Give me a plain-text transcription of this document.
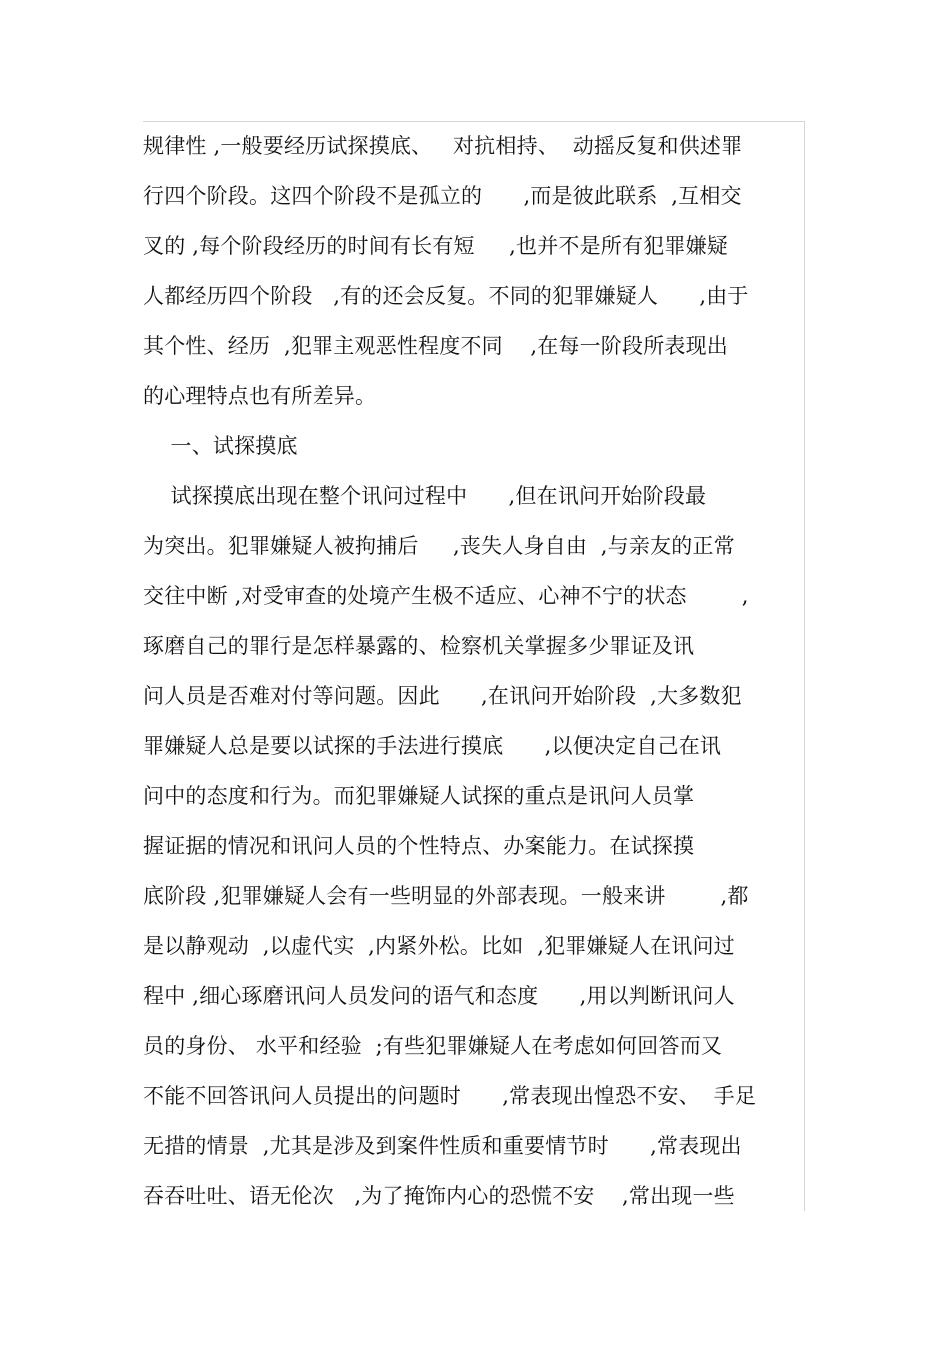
规律性 ,一般要经历试探摸底、   对抗相持、  动摇反复和供述罪
行四个阶段。这四个阶段不是孤立的      ,而是彼此联系  ,互相交
叉的 ,每个阶段经历的时间有长有短     ,也并不是所有犯罪嫌疑
人都经历四个阶段   ,有的还会反复。不同的犯罪嫌疑人      ,由于
其个性、经历  ,犯罪主观恶性程度不同    ,在每一阶段所表现出
的心理特点也有所差异。
一、试探摸底
试探摸底出现在整个讯问过程中      ,但在讯问开始阶段最
为突出。犯罪嫌疑人被拘捕后     ,丧失人身自由  ,与亲友的正常
交往中断 ,对受审查的处境产生极不适应、心神不宁的状态        ,
琢磨自己的罪行是怎样暴露的、检察机关掌握多少罪证及讯
问人员是否难对付等问题。因此      ,在讯问开始阶段  ,大多数犯
罪嫌疑人总是要以试探的手法进行摸底      ,以便决定自己在讯
问中的态度和行为。而犯罪嫌疑人试探的重点是讯问人员掌
握证据的情况和讯问人员的个性特点、办案能力。在试探摸
底阶段 ,犯罪嫌疑人会有一些明显的外部表现。一般来讲        ,都
是以静观动  ,以虚代实  ,内紧外松。比如  ,犯罪嫌疑人在讯问过
程中 ,细心琢磨讯问人员发问的语气和态度      ,用以判断讯问人
员的身份、 水平和经验  ;有些犯罪嫌疑人在考虑如何回答而又
不能不回答讯问人员提出的问题时      ,常表现出惶恐不安、  手足
无措的情景  ,尤其是涉及到案件性质和重要情节时      ,常表现出
吞吞吐吐、语无伦次   ,为了掩饰内心的恐慌不安    ,常出现一些
